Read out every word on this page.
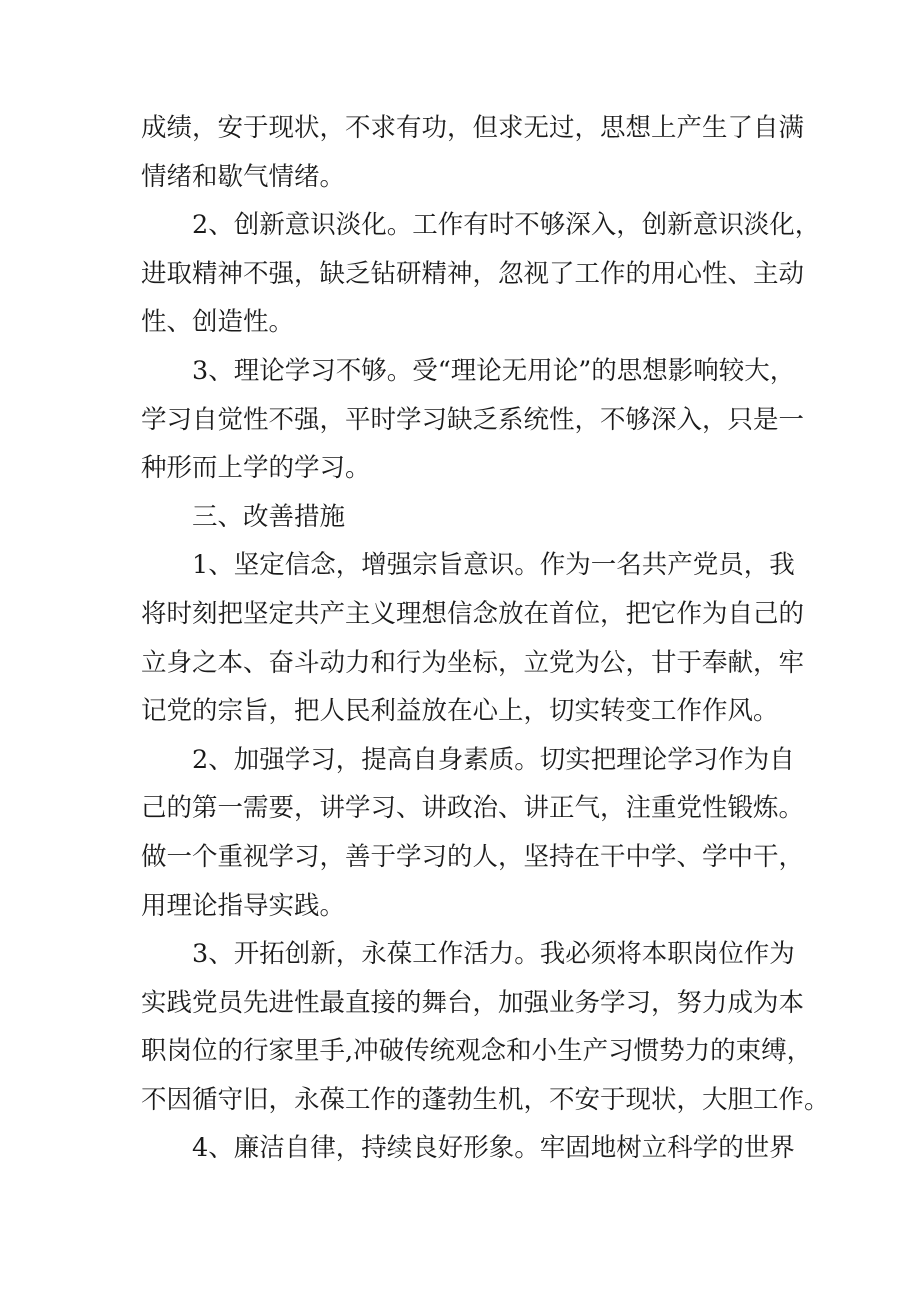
成绩，安于现状，不求有功，但求无过，思想上产生了自满
情绪和歇气情绪。
2、创新意识淡化。工作有时不够深入，创新意识淡化，
进取精神不强，缺乏钻研精神，忽视了工作的用心性、主动
性、创造性。
3、理论学习不够。受“理论无用论”的思想影响较大，
学习自觉性不强，平时学习缺乏系统性，不够深入，只是一
种形而上学的学习。
三、改善措施
1、坚定信念，增强宗旨意识。作为一名共产党员，我
将时刻把坚定共产主义理想信念放在首位，把它作为自己的
立身之本、奋斗动力和行为坐标，立党为公，甘于奉献，牢
记党的宗旨，把人民利益放在心上，切实转变工作作风。
2、加强学习，提高自身素质。切实把理论学习作为自
己的第一需要，讲学习、讲政治、讲正气，注重党性锻炼。
做一个重视学习，善于学习的人，坚持在干中学、学中干，
用理论指导实践。
3、开拓创新，永葆工作活力。我必须将本职岗位作为
实践党员先进性最直接的舞台，加强业务学习，努力成为本
职岗位的行家里手,冲破传统观念和小生产习惯势力的束缚，
不因循守旧，永葆工作的蓬勃生机，不安于现状，大胆工作。
4、廉洁自律，持续良好形象。牢固地树立科学的世界
